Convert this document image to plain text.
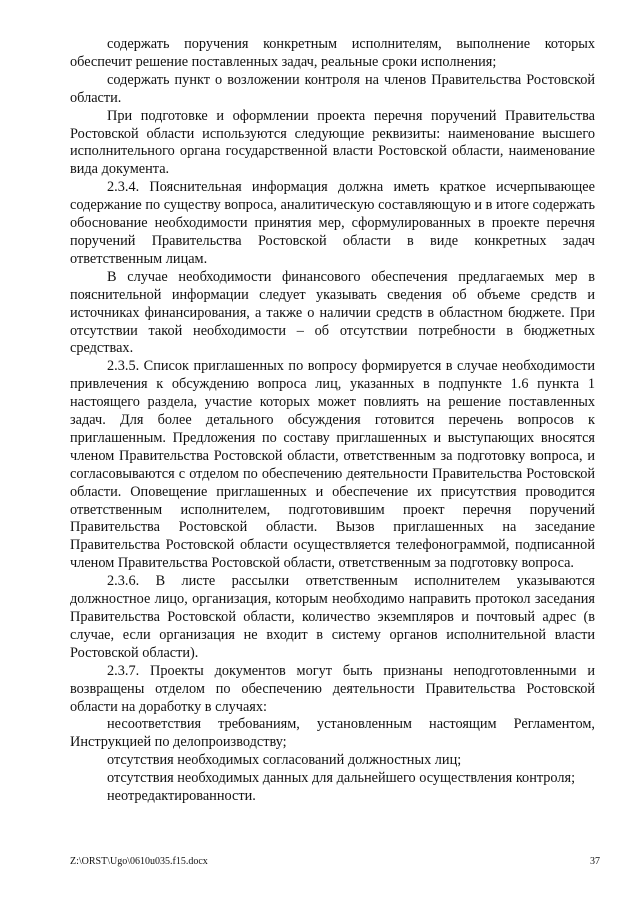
содержать поручения конкретным исполнителям, выполнение которых обеспечит решение поставленных задач, реальные сроки исполнения;

содержать пункт о возложении контроля на членов Правительства Ростовской области.

При подготовке и оформлении проекта перечня поручений Правительства Ростовской области используются следующие реквизиты: наименование высшего исполнительного органа государственной власти Ростовской области, наименование вида документа.

2.3.4. Пояснительная информация должна иметь краткое исчерпывающее содержание по существу вопроса, аналитическую составляющую и в итоге содержать обоснование необходимости принятия мер, сформулированных в проекте перечня поручений Правительства Ростовской области в виде конкретных задач ответственным лицам.

В случае необходимости финансового обеспечения предлагаемых мер в пояснительной информации следует указывать сведения об объеме средств и источниках финансирования, а также о наличии средств в областном бюджете. При отсутствии такой необходимости – об отсутствии потребности в бюджетных средствах.

2.3.5. Список приглашенных по вопросу формируется в случае необходимости привлечения к обсуждению вопроса лиц, указанных в подпункте 1.6 пункта 1 настоящего раздела, участие которых может повлиять на решение поставленных задач. Для более детального обсуждения готовится перечень вопросов к приглашенным. Предложения по составу приглашенных и выступающих вносятся членом Правительства Ростовской области, ответственным за подготовку вопроса, и согласовываются с отделом по обеспечению деятельности Правительства Ростовской области. Оповещение приглашенных и обеспечение их присутствия проводится ответственным исполнителем, подготовившим проект перечня поручений Правительства Ростовской области. Вызов приглашенных на заседание Правительства Ростовской области осуществляется телефонограммой, подписанной членом Правительства Ростовской области, ответственным за подготовку вопроса.

2.3.6. В листе рассылки ответственным исполнителем указываются должностное лицо, организация, которым необходимо направить протокол заседания Правительства Ростовской области, количество экземпляров и почтовый адрес (в случае, если организация не входит в систему органов исполнительной власти Ростовской области).

2.3.7. Проекты документов могут быть признаны неподготовленными и возвращены отделом по обеспечению деятельности Правительства Ростовской области на доработку в случаях:

несоответствия требованиям, установленным настоящим Регламентом, Инструкцией по делопроизводству;

отсутствия необходимых согласований должностных лиц;

отсутствия необходимых данных для дальнейшего осуществления контроля;

неотредактированности.

Z:\ORST\Ugo\0610u035.f15.docx	37
